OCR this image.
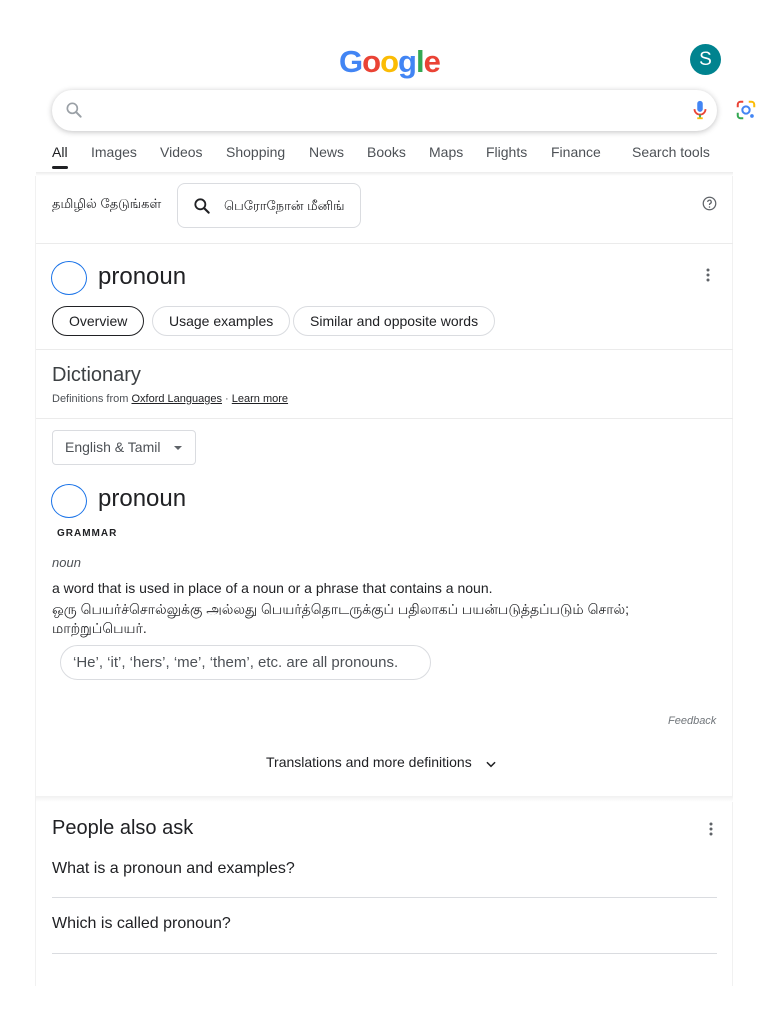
Google	S
All Images Videos Shopping News Books Maps Flights Finance Search tools
தமிழில் தேடுங்கள்	பெரோநோன் மீனிங்
pronoun
Overview	Usage examples	Similar and opposite words
Dictionary
Definitions from Oxford Languages · Learn more
English & Tamil
pronoun
GRAMMAR
noun
a word that is used in place of a noun or a phrase that contains a noun.
ஒரு பெயர்ச்சொல்லுக்கு அல்லது பெயர்த்தொடருக்குப் பதிலாகப் பயன்படுத்தப்படும் சொல்; மாற்றுப்பெயர்.
‘He’, ‘it’, ‘hers’, ‘me’, ‘them’, etc. are all pronouns.
Feedback
Translations and more definitions
People also ask
What is a pronoun and examples?
Which is called pronoun?
